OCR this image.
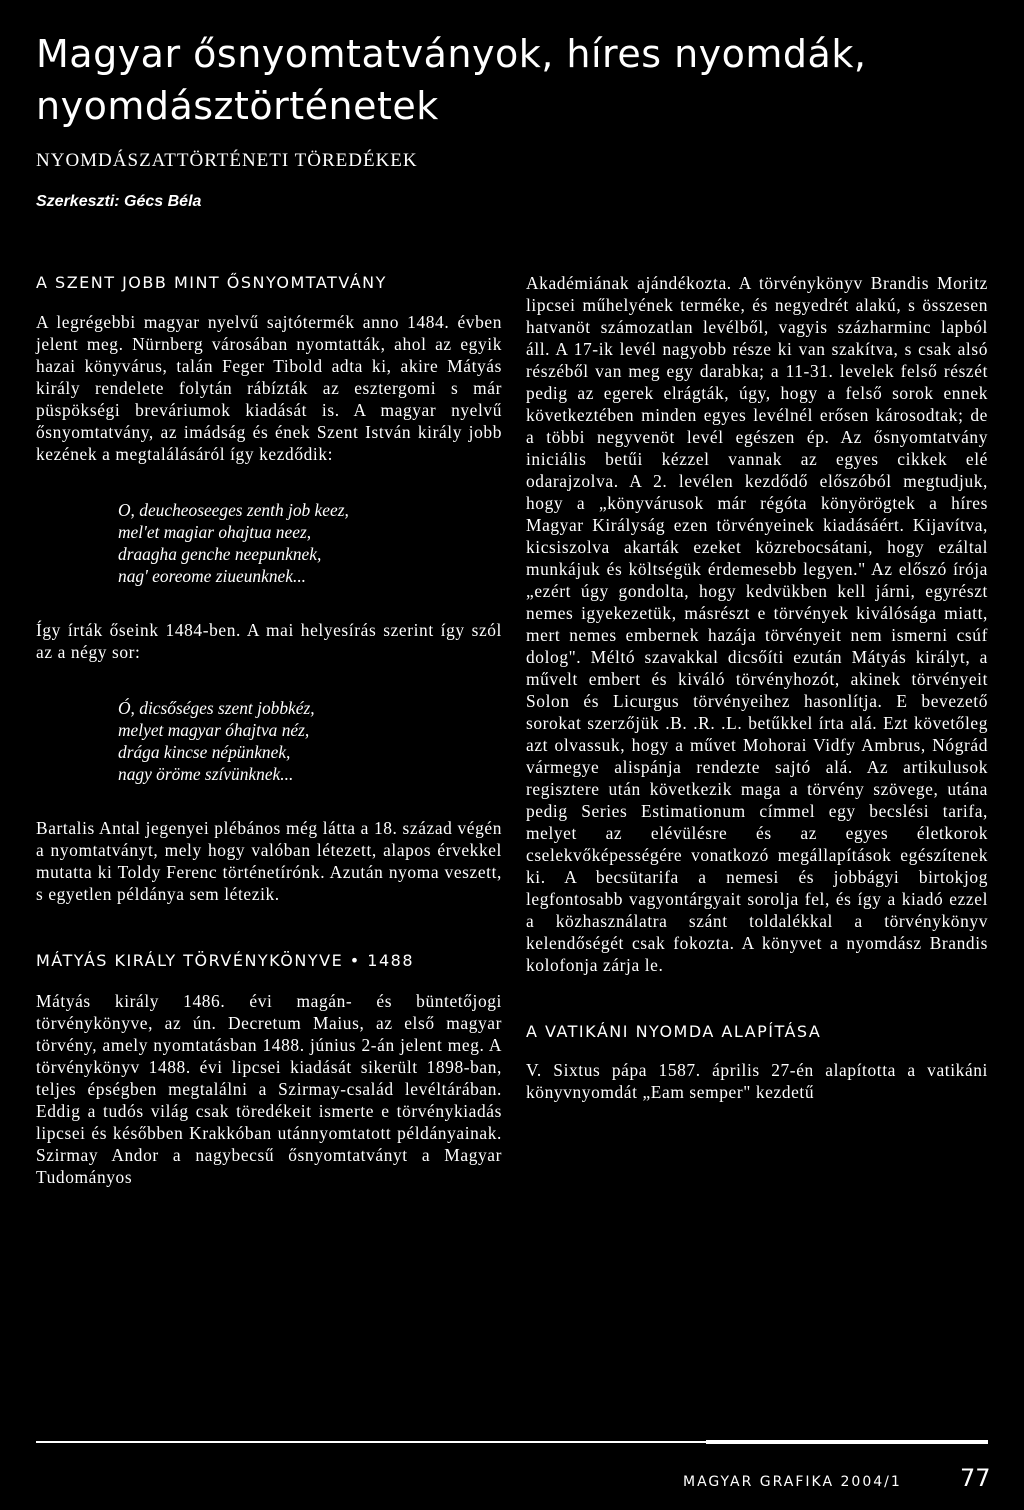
Magyar ősnyomtatványok, híres nyomdák, nyomdásztörténetek
NYOMDÁSZATTÖRTÉNETI TÖREDÉKEK
Szerkeszti: Gécs Béla
A SZENT JOBB MINT ŐSNYOMTATVÁNY

A legrégebbi magyar nyelvű sajtótermék anno 1484. évben jelent meg. Nürnberg városában nyomtatták, ahol az egyik hazai könyvárus, talán Feger Tibold adta ki, akire Mátyás király rendelete folytán rábízták az esztergomi s már püspökségi breváriumok kiadását is. A magyar nyelvű ősnyomtatvány, az imádság és ének Szent István király jobb kezének a megtalálásáról így kezdődik:

O, deucheoseeges zenth job keez,
mel'et magiar ohajtua neez,
draagha genche neepunknek,
nag' eoreome ziueunknek...

Így írták őseink 1484-ben. A mai helyesírás szerint így szól az a négy sor:

Ó, dicsőséges szent jobbkéz,
melyet magyar óhajtva néz,
drága kincse népünknek,
nagy öröme szívünknek...

Bartalis Antal jegenyei plébános még látta a 18. század végén a nyomtatványt, mely hogy valóban létezett, alapos érvekkel mutatta ki Toldy Ferenc történetírónk. Azután nyoma veszett, s egyetlen példánya sem létezik.

MÁTYÁS KIRÁLY TÖRVÉNYKÖNYVE • 1488

Mátyás király 1486. évi magán- és büntetőjogi törvénykönyve, az ún. Decretum Maius, az első magyar törvény, amely nyomtatásban 1488. június 2-án jelent meg. A törvénykönyv 1488. évi lipcsei kiadását sikerült 1898-ban, teljes épségben megtalálni a Szirmay-család levéltárában. Eddig a tudós világ csak töredékeit ismerte e törvénykiadás lipcsei és későbben Krakkóban utánnyomtatott példányainak. Szirmay Andor a nagybecsű ősnyomtatványt a Magyar Tudományos

Akadémiának ajándékozta. A törvénykönyv Brandis Moritz lipcsei műhelyének terméke, és negyedrét alakú, s összesen hatvanöt számozatlan levélből, vagyis százharminc lapból áll. A 17-ik levél nagyobb része ki van szakítva, s csak alsó részéből van meg egy darabka; a 11-31. levelek felső részét pedig az egerek elrágták, úgy, hogy a felső sorok ennek következtében minden egyes levélnél erősen károsodtak; de a többi negyvenöt levél egészen ép. Az ősnyomtatvány iniciális betűi kézzel vannak az egyes cikkek elé odarajzolva. A 2. levélen kezdődő előszóból megtudjuk, hogy a „könyvárusok már régóta könyörögtek a híres Magyar Királyság ezen törvényeinek kiadásáért. Kijavítva, kicsiszolva akarták ezeket közrebocsátani, hogy ezáltal munkájuk és költségük érdemesebb legyen." Az előszó írója „ezért úgy gondolta, hogy kedvükben kell járni, egyrészt nemes igyekezetük, másrészt e törvények kiválósága miatt, mert nemes embernek hazája törvényeit nem ismerni csúf dolog". Méltó szavakkal dicsőíti ezután Mátyás királyt, a művelt embert és kiváló törvényhozót, akinek törvényeit Solon és Licurgus törvényeihez hasonlítja. E bevezető sorokat szerzőjük .B. .R. .L. betűkkel írta alá. Ezt követőleg azt olvassuk, hogy a művet Mohorai Vidfy Ambrus, Nógrád vármegye alispánja rendezte sajtó alá. Az artikulusok regisztere után következik maga a törvény szövege, utána pedig Series Estimationum címmel egy becslési tarifa, melyet az elévülésre és az egyes életkorok cselekvőképességére vonatkozó megállapítások egészítenek ki. A becsütarifa a nemesi és jobbágyi birtokjog legfontosabb vagyontárgyait sorolja fel, és így a kiadó ezzel a közhasználatra szánt toldalékkal a törvénykönyv kelendőségét csak fokozta. A könyvet a nyomdász Brandis kolofonja zárja le.

A VATIKÁNI NYOMDA ALAPÍTÁSA

V. Sixtus pápa 1587. április 27-én alapította a vatikáni könyvnyomdát „Eam semper" kezdetű

MAGYAR GRAFIKA 2004/1 77
